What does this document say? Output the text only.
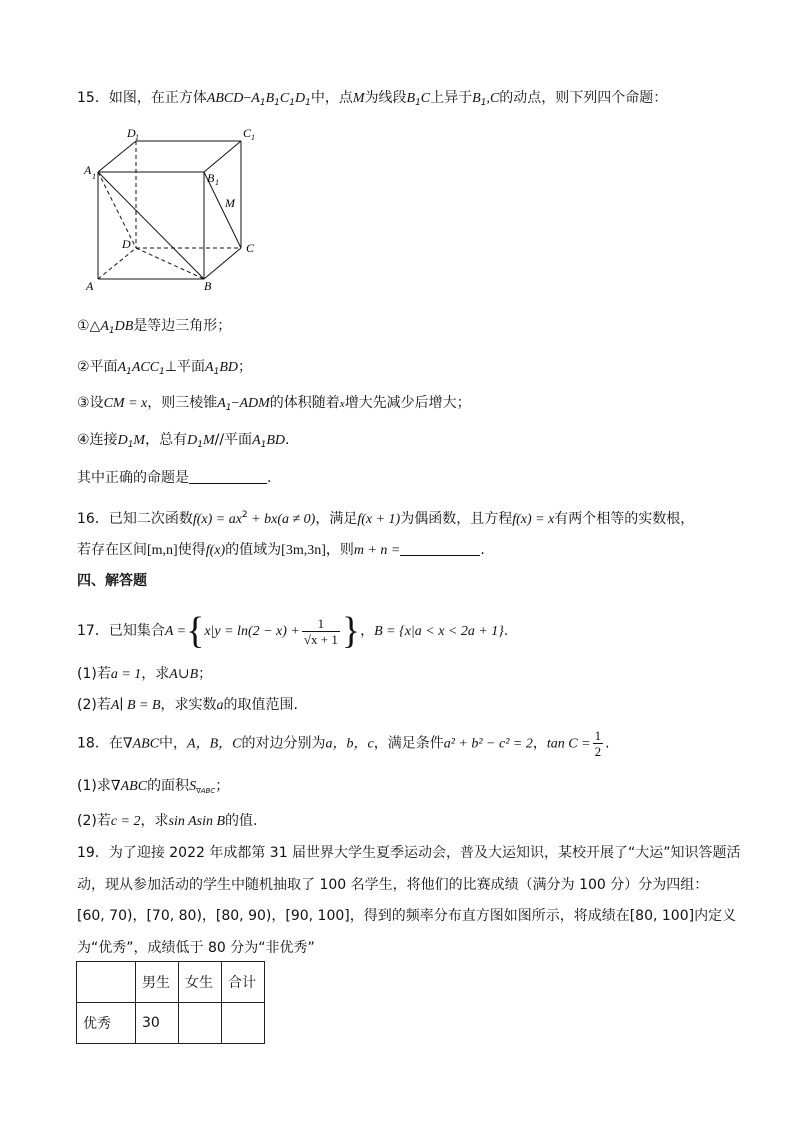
15．如图，在正方体$ABCD-A_1B_1C_1D_1$中，点M为线段$B_1C$上异于$B_1,C$的动点，则下列四个命题：
A 1
D 1	C 1
B 1
M
D	C
A	B
$①\triangle A_1DB$是等边三角形；
②平面$A_1ACC_1\perp$平面$A_1BD$；
③设CM = x，则三棱锥$A_1-ADM$的体积随着x增大先减少后增大；
④连接$D_1M$，总有$D_1M//$平面$A_1BD$.
其中正确的命题是	.
16．已知二次函数$f(x) = ax^2 + bx(a \ne 0)$，满足f(x + 1)为偶函数，且方程f(x) = x有两个相等的实数根，
若存在区间[m,n]使得f(x)的值域为[3m,3n]，则m + n =	.
四、解答题
17．已知集合$A =\{x|y = \ln(2 - x) + \frac{1}{√x + 1}$ }，B = {x|a < x < 2a + 1}.
(1)若a = 1，求A∪B；
(2)若A∣ B = B，求实数a的取值范围.
18．在∇ABC中，A，B，C的对边分别为a，b，c，满足条件a² + b² − c² = 2，$\tan C = \frac{1}{2}$ .
(1)求∇ABC的面积$S_{\nabla ABC}$；
(2)若c = 2，求sin Asin B的值.
19．为了迎接 2022 年成都第 31 届世界大学生夏季运动会，普及大运知识，某校开展了“大运”知识答题活
动，现从参加活动的学生中随机抽取了 100 名学生，将他们的比赛成绩（满分为 100 分）分为四组：
[60, 70)，[70, 80)，[80, 90)，[90, 100]，得到的频率分布直方图如图所示，将成绩在[80, 100]内定义
为“优秀”，成绩低于 80 分为“非优秀”
	男生	女生	合计
优秀	30		
